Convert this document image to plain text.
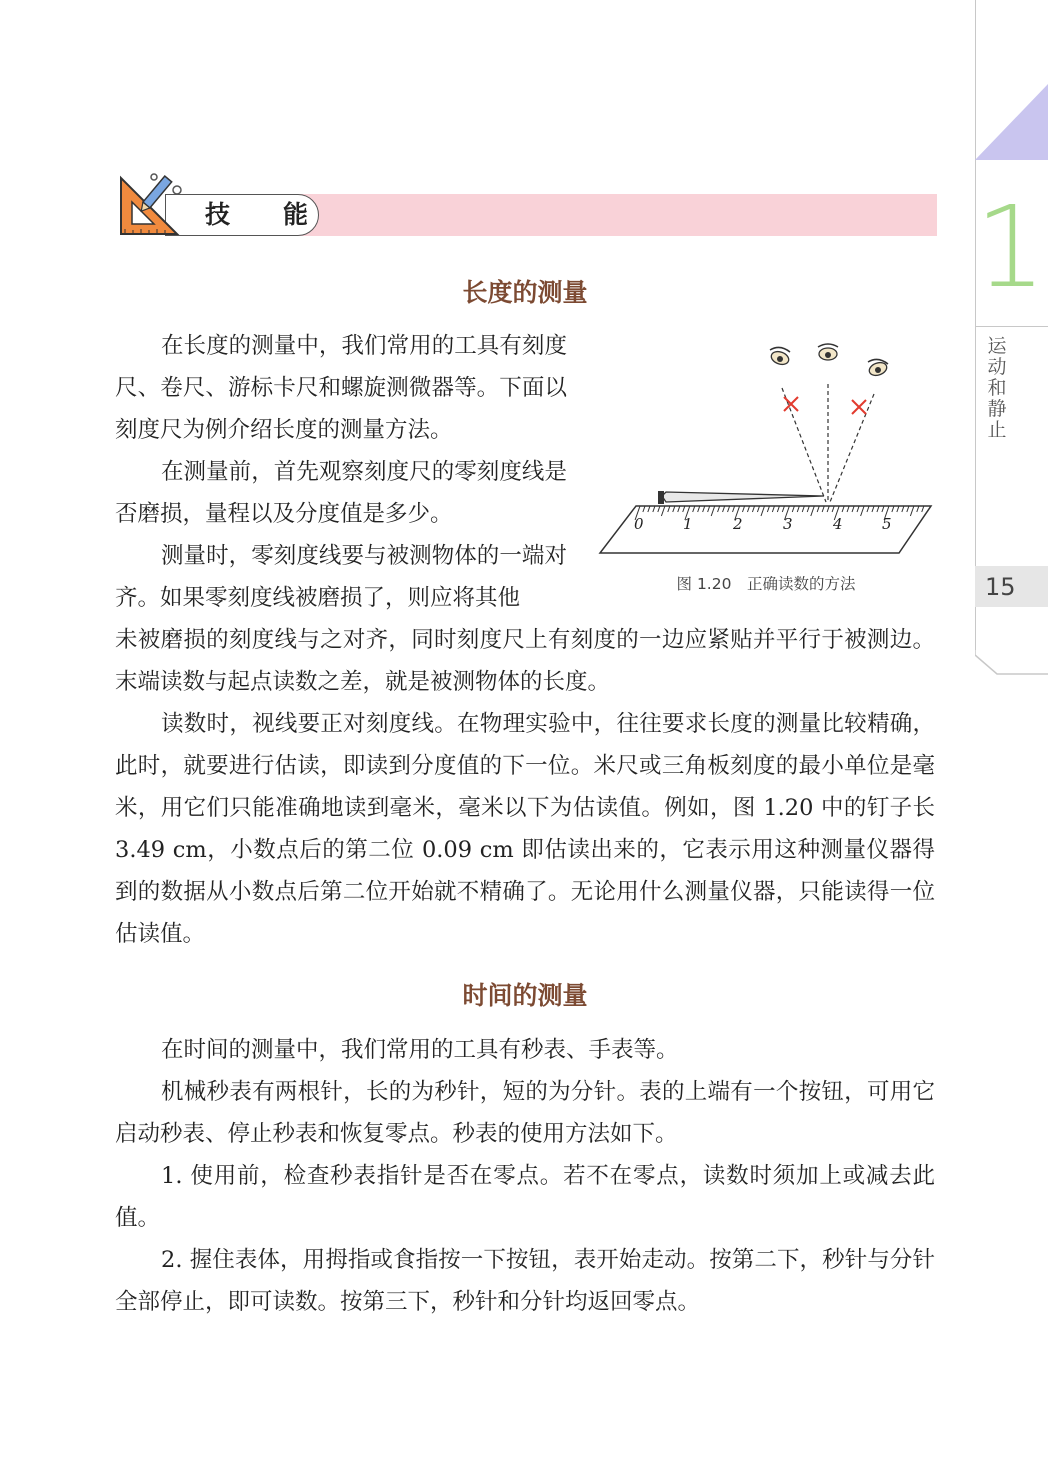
1
运动和静止
15
技　能
长度的测量

在长度的测量中，我们常用的工具有刻度尺、卷尺、游标卡尺和螺旋测微器等。下面以刻度尺为例介绍长度的测量方法。

在测量前，首先观察刻度尺的零刻度线是否磨损，量程以及分度值是多少。

测量时，零刻度线要与被测物体的一端对齐。如果零刻度线被磨损了，则应将其他

未被磨损的刻度线与之对齐，同时刻度尺上有刻度的一边应紧贴并平行于被测边。末端读数与起点读数之差，就是被测物体的长度。

读数时，视线要正对刻度线。在物理实验中，往往要求长度的测量比较精确，此时，就要进行估读，即读到分度值的下一位。米尺或三角板刻度的最小单位是毫米，用它们只能准确地读到毫米，毫米以下为估读值。例如，图 1.20 中的钉子长 3.49 cm，小数点后的第二位 0.09 cm 即估读出来的，它表示用这种测量仪器得到的数据从小数点后第二位开始就不精确了。无论用什么测量仪器，只能读得一位估读值。

0	1	2	3	4	5
图 1.20　正确读数的方法
时间的测量

在时间的测量中，我们常用的工具有秒表、手表等。

机械秒表有两根针，长的为秒针，短的为分针。表的上端有一个按钮，可用它启动秒表、停止秒表和恢复零点。秒表的使用方法如下。

1. 使用前，检查秒表指针是否在零点。若不在零点，读数时须加上或减去此值。

2. 握住表体，用拇指或食指按一下按钮，表开始走动。按第二下，秒针与分针全部停止，即可读数。按第三下，秒针和分针均返回零点。
